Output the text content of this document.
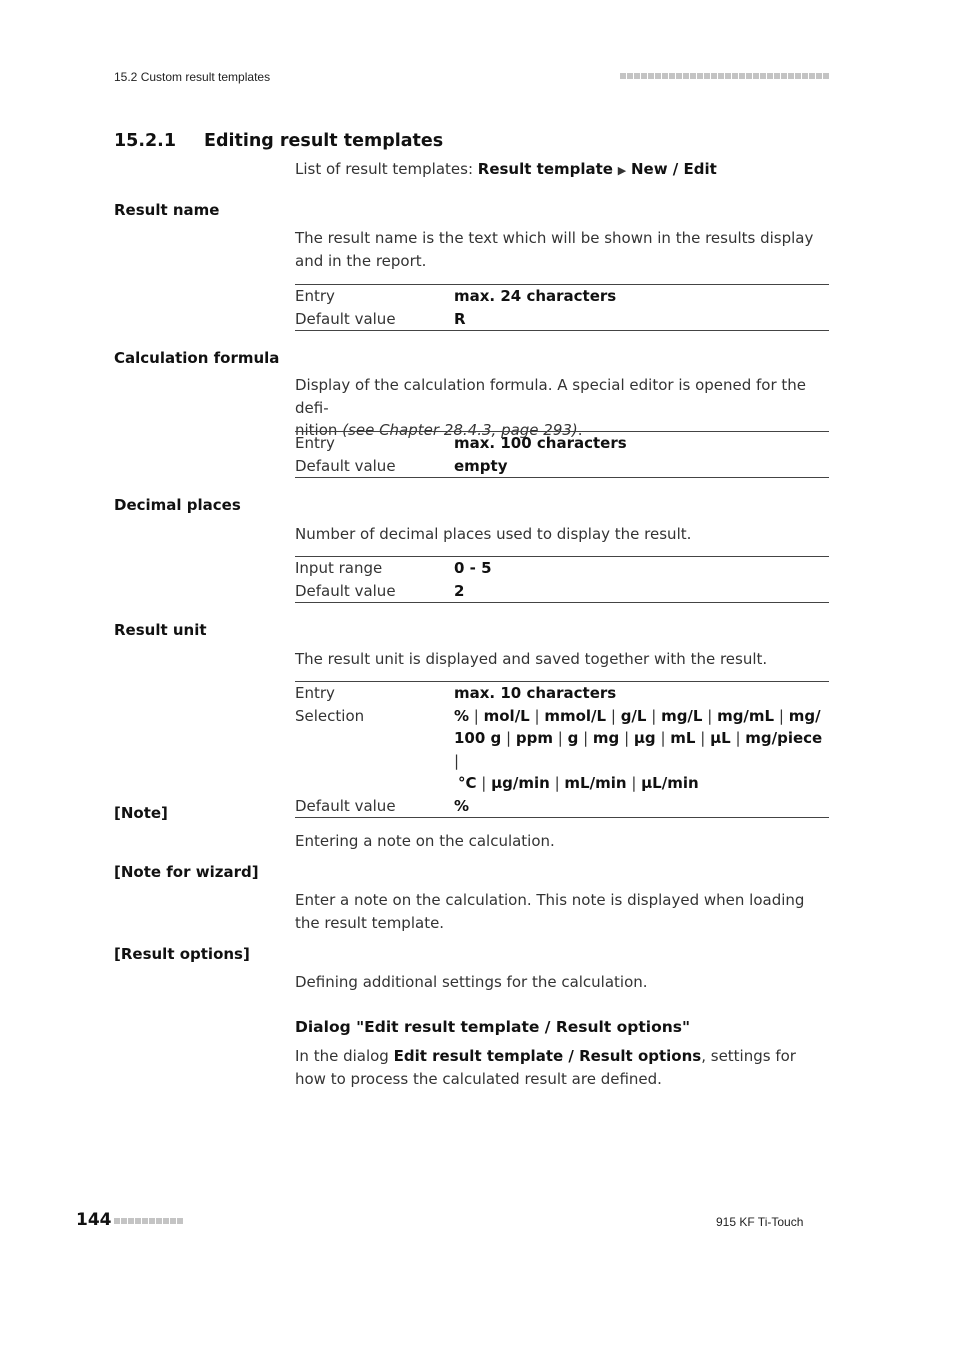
15.2 Custom result templates
15.2.1 Editing result templates
List of result templates: Result template ▶ New / Edit
Result name
The result name is the text which will be shown in the results display and in the report.
Entry	max. 24 characters
Default value	R
Calculation formula
Display of the calculation formula. A special editor is opened for the defi-
nition (see Chapter 28.4.3, page 293).
Entry	max. 100 characters
Default value	empty
Decimal places
Number of decimal places used to display the result.
Input range	0 - 5
Default value	2
Result unit
The result unit is displayed and saved together with the result.
Entry	max. 10 characters
Selection	% | mol/L | mmol/L | g/L | mg/L | mg/mL | mg/
100 g | ppm | g | mg | µg | mL | µL | mg/piece |
°C | µg/min | mL/min | µL/min
Default value	%
[Note]
Entering a note on the calculation.
[Note for wizard]
Enter a note on the calculation. This note is displayed when loading the result template.
[Result options]
Defining additional settings for the calculation.
Dialog "Edit result template / Result options"
In the dialog Edit result template / Result options, settings for how to process the calculated result are defined.
144	915 KF Ti-Touch
